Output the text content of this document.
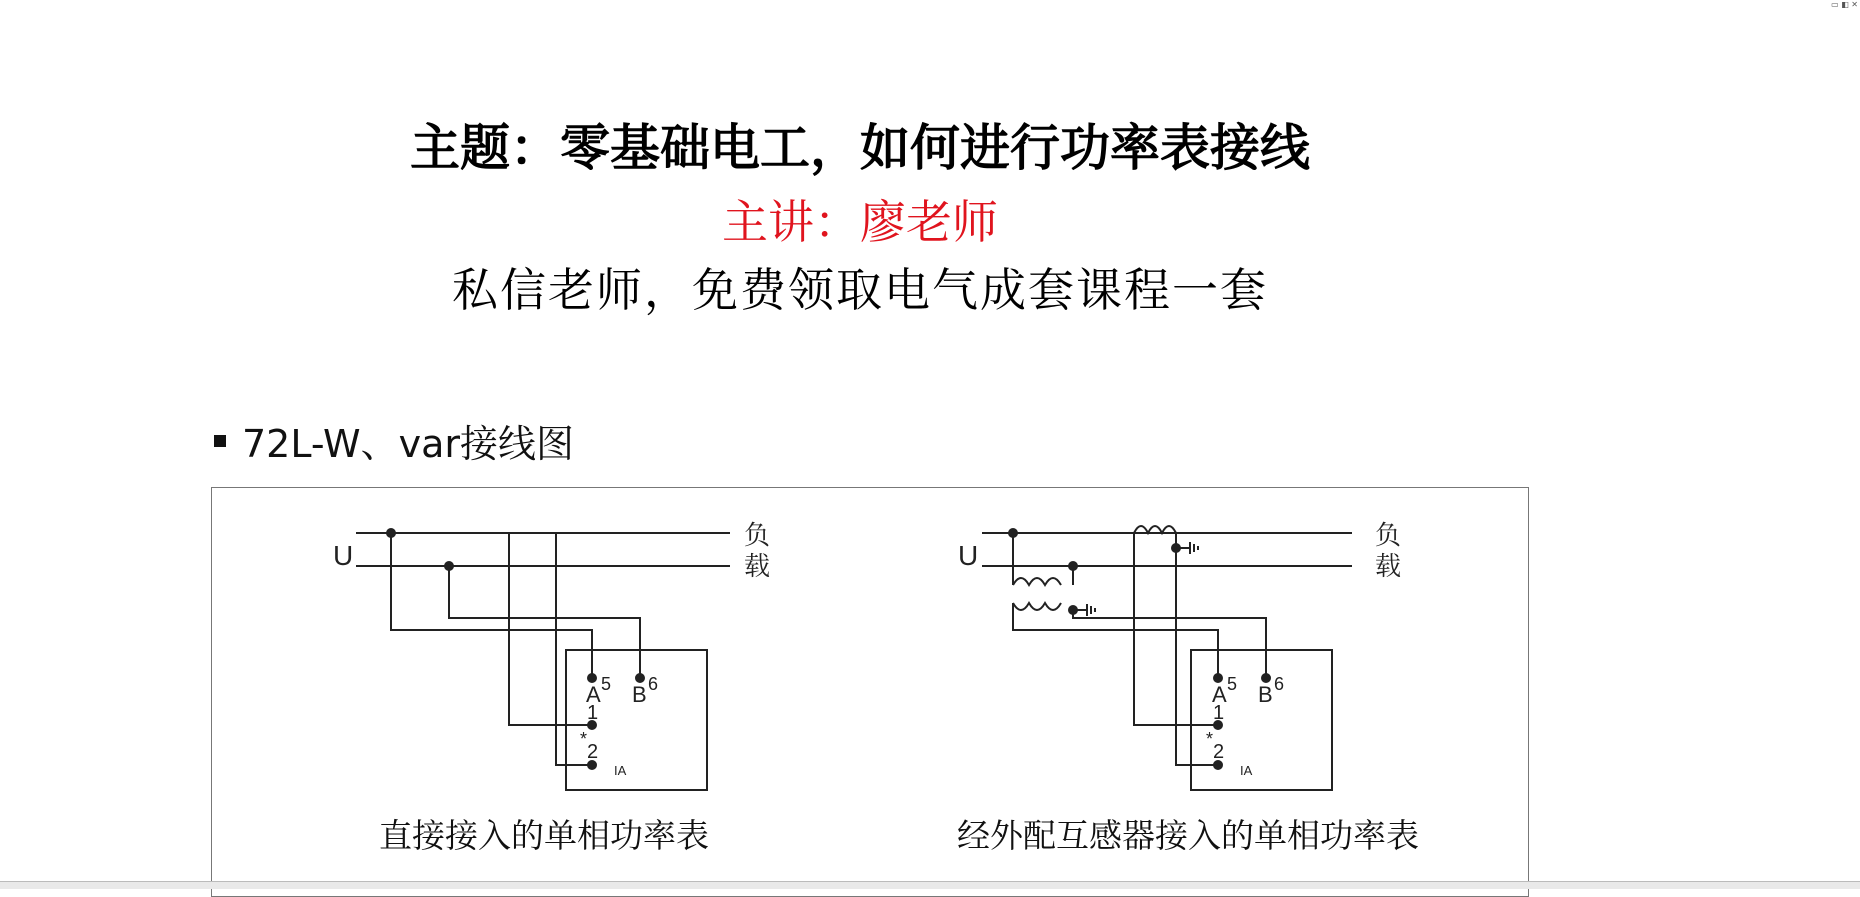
▭ ◧ ✕
主题：零基础电工，如何进行功率表接线
主讲：廖老师
私信老师，免费领取电气成套课程一套
72L-W、var接线图
U
负
载
A 5 B 6
1
*
2
IA
U
负
载
A 5 B 6
1
*
2
IA
直接接入的单相功率表	经外配互感器接入的单相功率表
